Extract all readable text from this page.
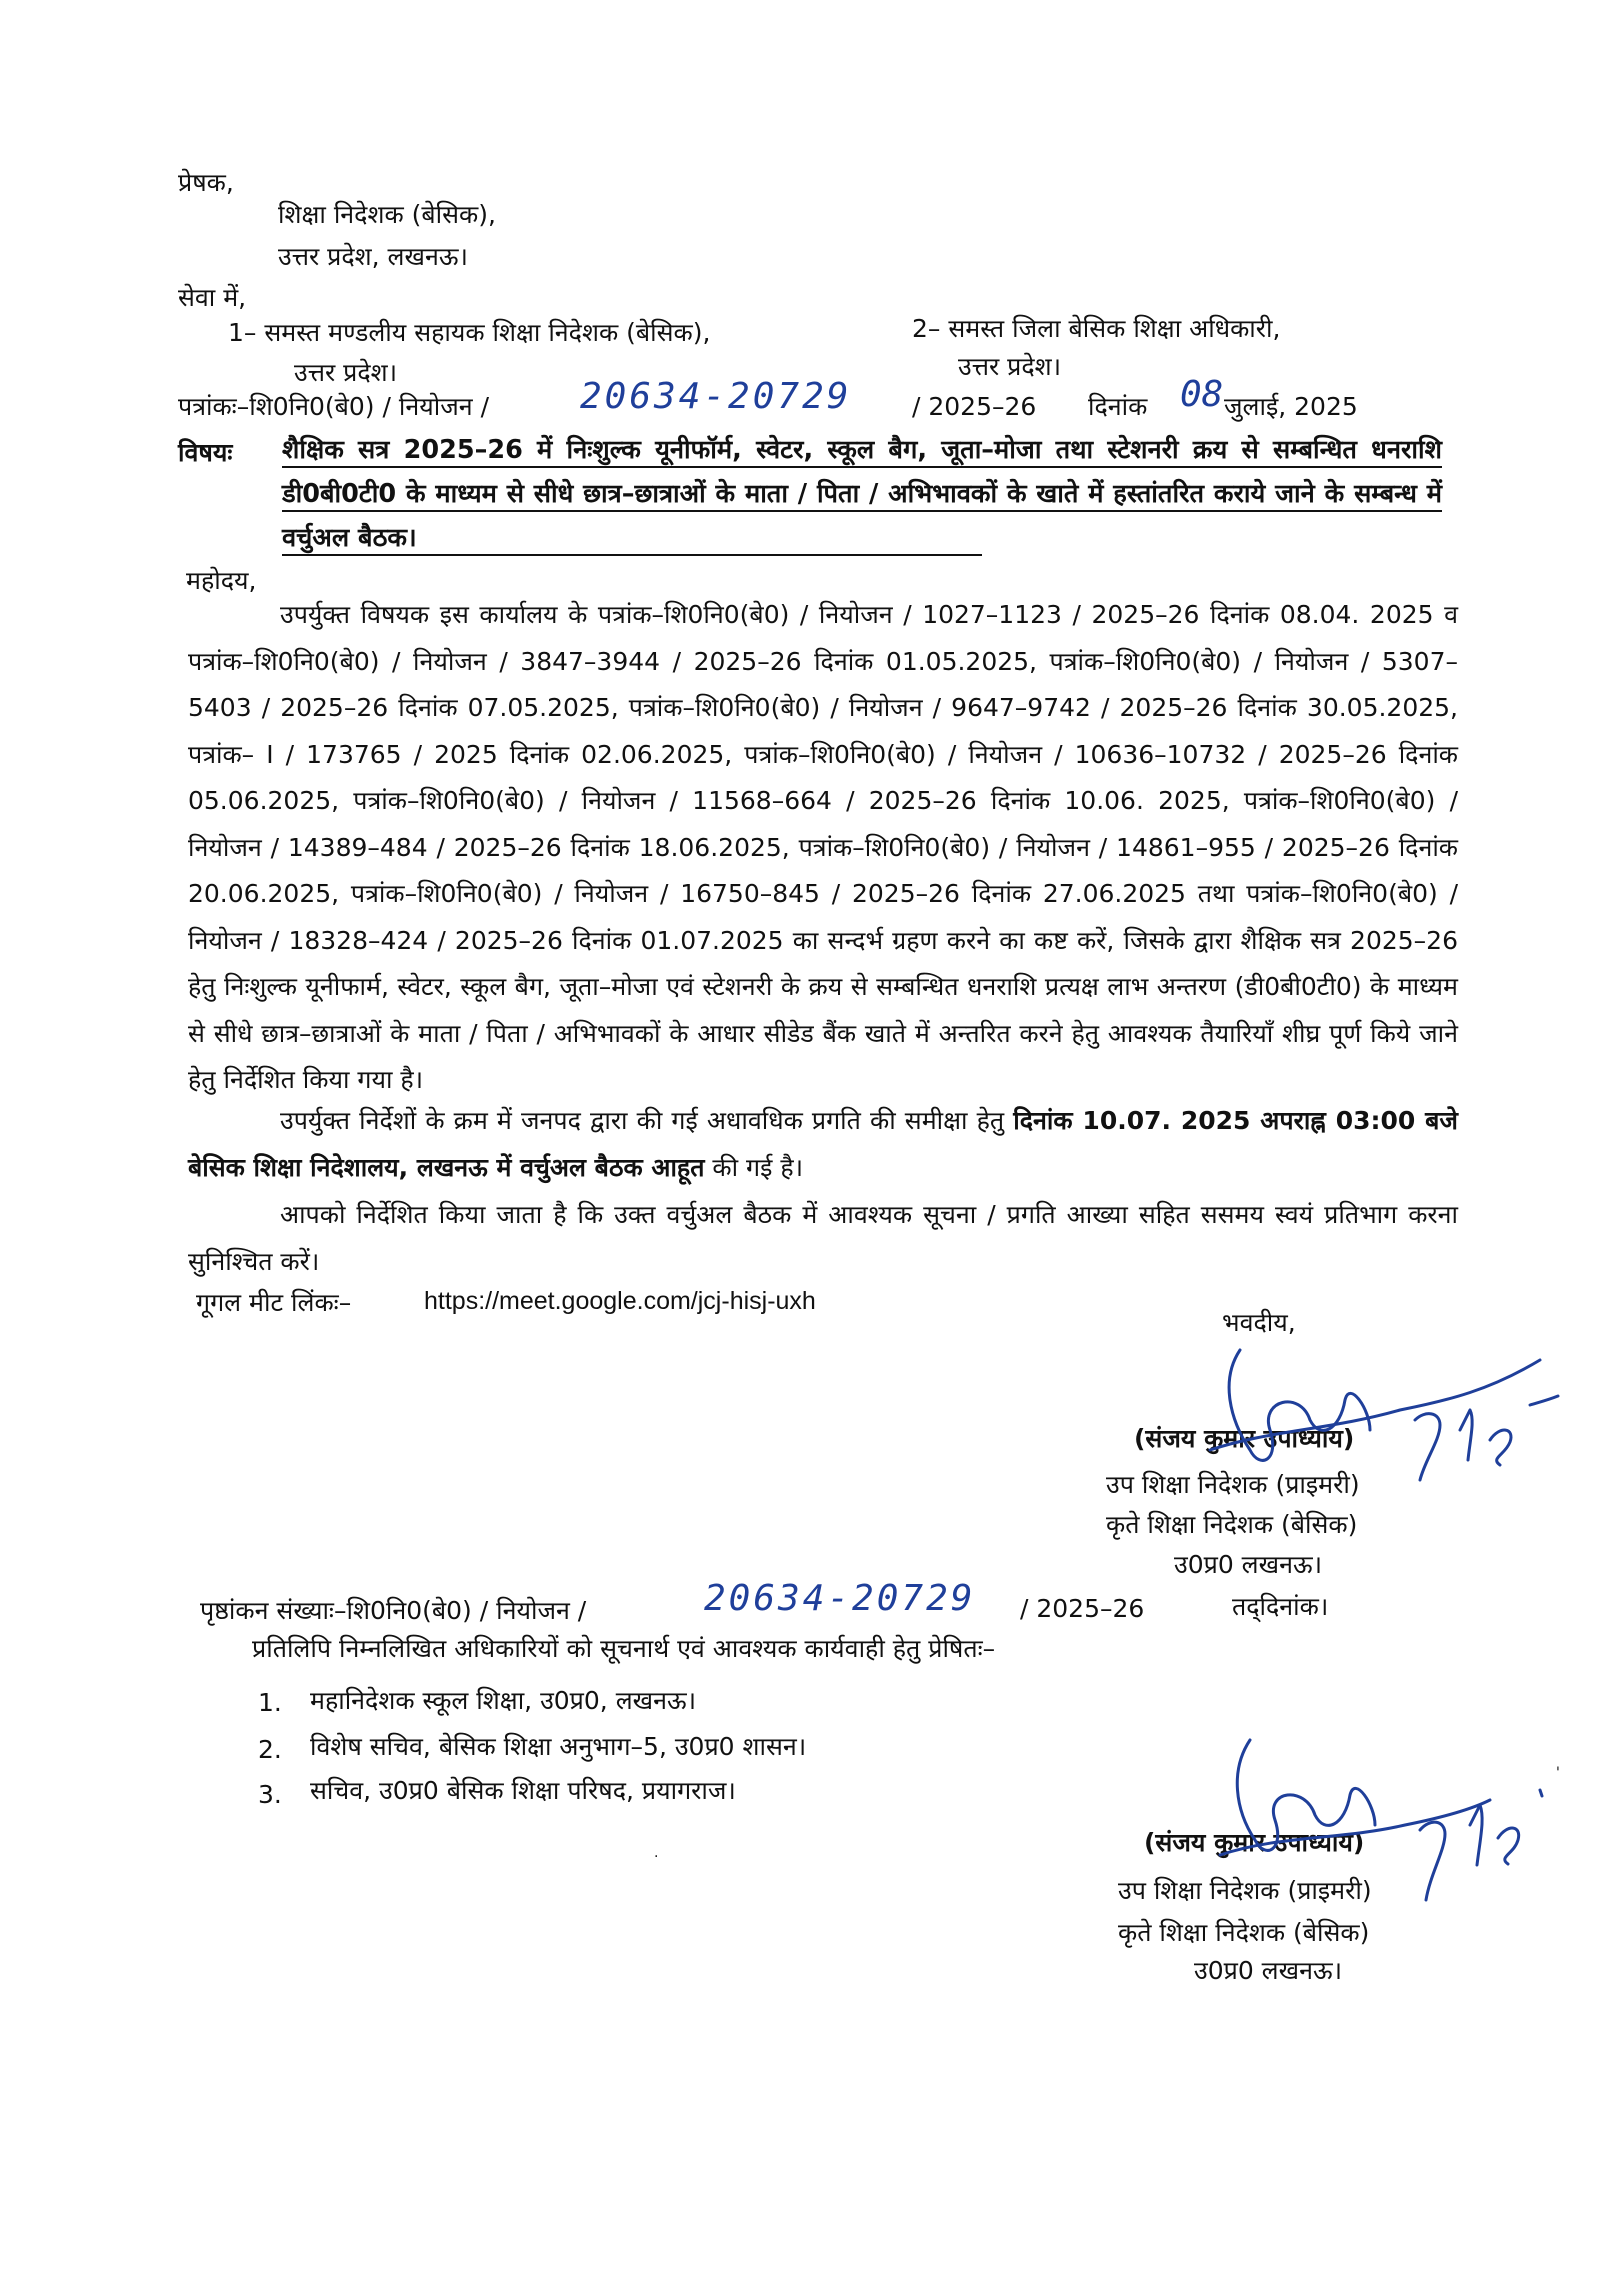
प्रेषक,
शिक्षा निदेशक (बेसिक),
उत्तर प्रदेश, लखनऊ।
सेवा में,
1– समस्त मण्डलीय सहायक शिक्षा निदेशक (बेसिक),
उत्तर प्रदेश।
2– समस्त जिला बेसिक शिक्षा अधिकारी,
उत्तर प्रदेश।
पत्रांकः–शि0नि0(बे0) / नियोजन /	20634-20729 / 2025–26 दिनांक 08 जुलाई, 2025
विषयः शैक्षिक सत्र 2025–26 में निःशुल्क यूनीफॉर्म, स्वेटर, स्कूल बैग, जूता–मोजा तथा स्टेशनरी क्रय से सम्बन्धित धनराशि डी0बी0टी0 के माध्यम से सीधे छात्र–छात्राओं के माता / पिता / अभिभावकों के खाते में हस्तांतरित कराये जाने के सम्बन्ध में वर्चुअल बैठक।
महोदय,
उपर्युक्त विषयक इस कार्यालय के पत्रांक–शि0नि0(बे0) / नियोजन / 1027–1123 / 2025–26 दिनांक 08.04. 2025 व पत्रांक–शि0नि0(बे0) / नियोजन / 3847–3944 / 2025–26 दिनांक 01.05.2025, पत्रांक–शि0नि0(बे0) / नियोजन / 5307–5403 / 2025–26 दिनांक 07.05.2025, पत्रांक–शि0नि0(बे0) / नियोजन / 9647–9742 / 2025–26 दिनांक 30.05.2025, पत्रांक– I / 173765 / 2025 दिनांक 02.06.2025, पत्रांक–शि0नि0(बे0) / नियोजन / 10636–10732 / 2025–26 दिनांक 05.06.2025, पत्रांक–शि0नि0(बे0) / नियोजन / 11568–664 / 2025–26 दिनांक 10.06. 2025, पत्रांक–शि0नि0(बे0) / नियोजन / 14389–484 / 2025–26 दिनांक 18.06.2025, पत्रांक–शि0नि0(बे0) / नियोजन / 14861–955 / 2025–26 दिनांक 20.06.2025, पत्रांक–शि0नि0(बे0) / नियोजन / 16750–845 / 2025–26 दिनांक 27.06.2025 तथा पत्रांक–शि0नि0(बे0) / नियोजन / 18328–424 / 2025–26 दिनांक 01.07.2025 का सन्दर्भ ग्रहण करने का कष्ट करें, जिसके द्वारा शैक्षिक सत्र 2025–26 हेतु निःशुल्क यूनीफार्म, स्वेटर, स्कूल बैग, जूता–मोजा एवं स्टेशनरी के क्रय से सम्बन्धित धनराशि प्रत्यक्ष लाभ अन्तरण (डी0बी0टी0) के माध्यम से सीधे छात्र–छात्राओं के माता / पिता / अभिभावकों के आधार सीडेड बैंक खाते में अन्तरित करने हेतु आवश्यक तैयारियाँ शीघ्र पूर्ण किये जाने हेतु निर्देशित किया गया है।
उपर्युक्त निर्देशों के क्रम में जनपद द्वारा की गई अधावधिक प्रगति की समीक्षा हेतु दिनांक 10.07. 2025 अपराह्न 03:00 बजे बेसिक शिक्षा निदेशालय, लखनऊ में वर्चुअल बैठक आहूत की गई है।
आपको निर्देशित किया जाता है कि उक्त वर्चुअल बैठक में आवश्यक सूचना / प्रगति आख्या सहित ससमय स्वयं प्रतिभाग करना सुनिश्चित करें।
गूगल मीट लिंकः–	https://meet.google.com/jcj-hisj-uxh
भवदीय,
(संजय कुमार उपाध्याय)
उप शिक्षा निदेशक (प्राइमरी)
कृते शिक्षा निदेशक (बेसिक)
उ0प्र0 लखनऊ।
पृष्ठांकन संख्याः–शि0नि0(बे0) / नियोजन /	20634-20729 / 2025–26	तद्‌दिनांक।
प्रतिलिपि निम्नलिखित अधिकारियों को सूचनार्थ एवं आवश्यक कार्यवाही हेतु प्रेषितः–
1. महानिदेशक स्कूल शिक्षा, उ0प्र0, लखनऊ।
2. विशेष सचिव, बेसिक शिक्षा अनुभाग–5, उ0प्र0 शासन।
3. सचिव, उ0प्र0 बेसिक शिक्षा परिषद, प्रयागराज।
(संजय कुमार उपाध्याय)
उप शिक्षा निदेशक (प्राइमरी)
कृते शिक्षा निदेशक (बेसिक)
उ0प्र0 लखनऊ।
·
'
